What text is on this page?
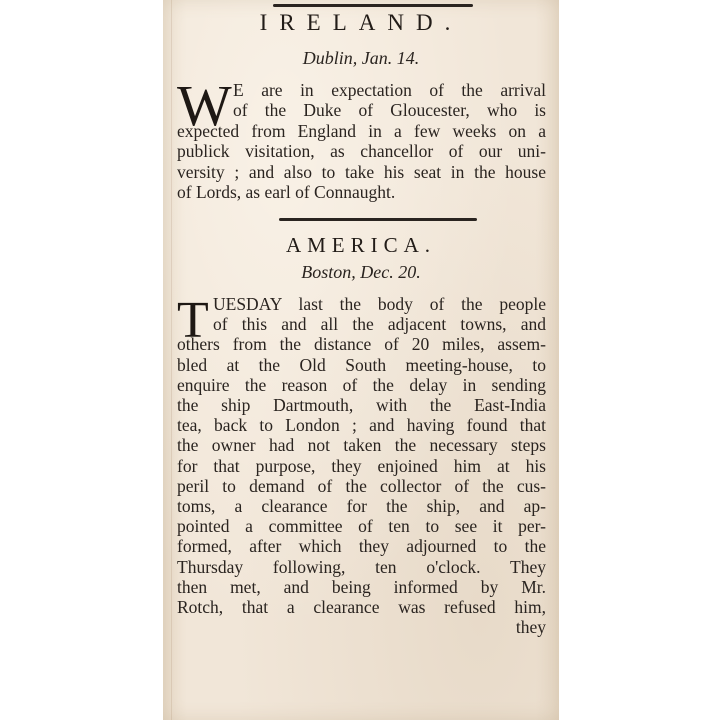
IRELAND.
Dublin, Jan. 14.
W E are in expectation of the arrival
of the Duke of Gloucester, who is
expected from England in a few weeks on a
publick visitation, as chancellor of our uni-
versity ; and also to take his seat in the house
of Lords, as earl of Connaught.
AMERICA.
Boston, Dec. 20.
T UESDAY last the body of the people
of this and all the adjacent towns, and
others from the distance of 20 miles, assem-
bled at the Old South meeting-house, to
enquire the reason of the delay in sending
the ship Dartmouth, with the East-India
tea, back to London ; and having found that
the owner had not taken the necessary steps
for that purpose, they enjoined him at his
peril to demand of the collector of the cus-
toms, a clearance for the ship, and ap-
pointed a committee of ten to see it per-
formed, after which they adjourned to the
Thursday following, ten o'clock. They
then met, and being informed by Mr.
Rotch, that a clearance was refused him,
they
